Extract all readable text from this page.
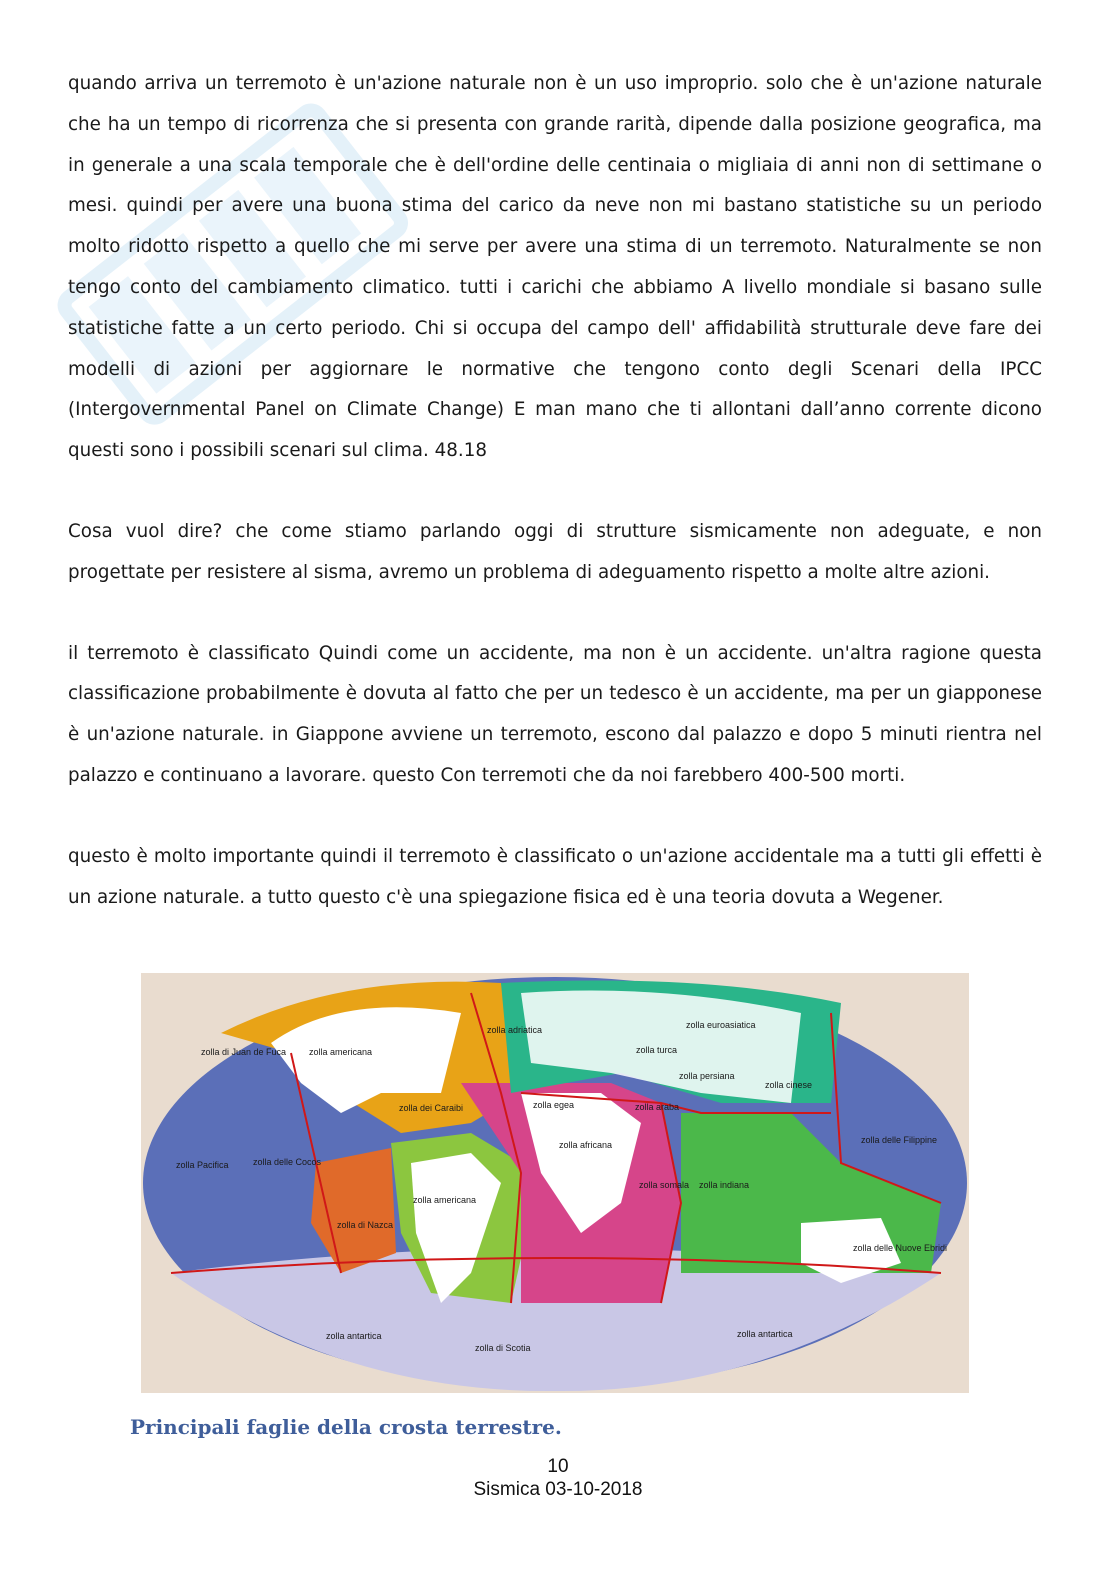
quando arriva un terremoto è un'azione naturale non è un uso improprio. solo che è un'azione naturale che ha un tempo di ricorrenza che si presenta con grande rarità, dipende dalla posizione geografica, ma in generale a una scala temporale che è dell'ordine delle centinaia o migliaia di anni non di settimane o mesi. quindi per avere una buona stima del carico da neve non mi bastano statistiche su un periodo molto ridotto rispetto a quello che mi serve per avere una stima di un terremoto. Naturalmente se non tengo conto del cambiamento climatico. tutti i carichi che abbiamo A livello mondiale si basano sulle statistiche fatte a un certo periodo. Chi si occupa del campo dell' affidabilità strutturale deve fare dei modelli di azioni per aggiornare le normative che tengono conto degli Scenari della IPCC (Intergovernmental Panel on Climate Change) E man mano che ti allontani dall’anno corrente dicono questi sono i possibili scenari sul clima. 48.18

Cosa vuol dire? che come stiamo parlando oggi di strutture sismicamente non adeguate, e non progettate per resistere al sisma, avremo un problema di adeguamento rispetto a molte altre azioni.

il terremoto è classificato Quindi come un accidente, ma non è un accidente. un'altra ragione questa classificazione probabilmente è dovuta al fatto che per un tedesco è un accidente, ma per un giapponese è un'azione naturale. in Giappone avviene un terremoto, escono dal palazzo e dopo 5 minuti rientra nel palazzo e continuano a lavorare. questo Con terremoti che da noi farebbero 400-500 morti.

questo è molto importante quindi il terremoto è classificato o un'azione accidentale ma a tutti gli effetti è un azione naturale. a tutto questo c'è una spiegazione fisica ed è una teoria dovuta a Wegener.

zolla di Juan de Fuca	zolla americana
zolla dei Caraibi
zolla Pacifica	zolla delle Cocos
zolla di Nazca
zolla americana
zolla antartica
zolla di Scotia
zolla adriatica
zolla egea
zolla africana
zolla turca
zolla persiana
zolla araba
zolla somala
zolla euroasiatica
zolla cinese
zolla indiana
zolla delle Filippine
zolla delle Nuove Ebridi
zolla antartica
Principali faglie della crosta terrestre.
10
Sismica 03-10-2018
